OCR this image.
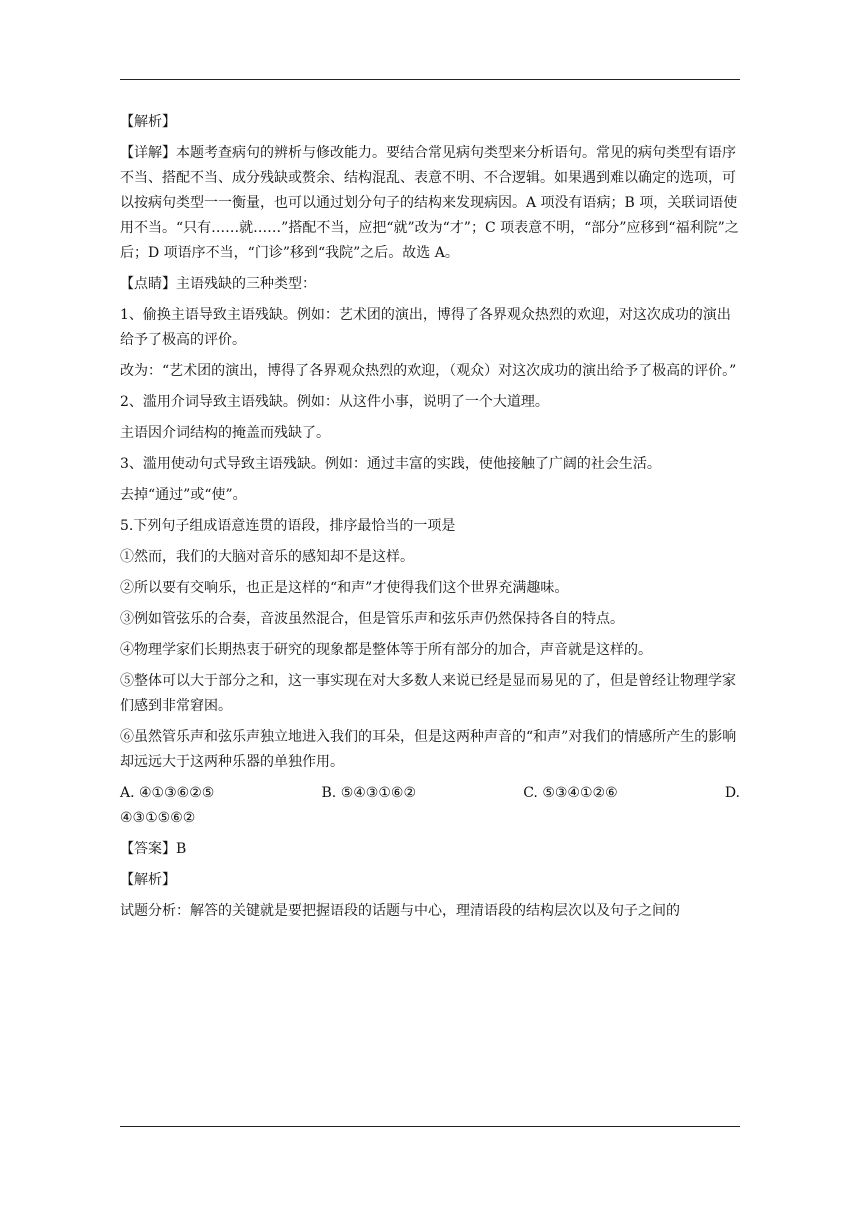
【解析】

【详解】本题考查病句的辨析与修改能力。要结合常见病句类型来分析语句。常见的病句类型有语序不当、搭配不当、成分残缺或赘余、结构混乱、表意不明、不合逻辑。如果遇到难以确定的选项，可以按病句类型一一衡量，也可以通过划分句子的结构来发现病因。A 项没有语病；B 项，关联词语使用不当。“只有……就……”搭配不当，应把“就”改为“才”；C 项表意不明，“部分”应移到“福利院”之后；D 项语序不当，“门诊”移到“我院”之后。故选 A。

【点睛】主语残缺的三种类型：

1、偷换主语导致主语残缺。例如：艺术团的演出，博得了各界观众热烈的欢迎，对这次成功的演出给予了极高的评价。

改为：“艺术团的演出，博得了各界观众热烈的欢迎，（观众）对这次成功的演出给予了极高的评价。”

2、滥用介词导致主语残缺。例如：从这件小事，说明了一个大道理。

主语因介词结构的掩盖而残缺了。

3、滥用使动句式导致主语残缺。例如：通过丰富的实践，使他接触了广阔的社会生活。

去掉“通过”或“使”。

5.下列句子组成语意连贯的语段，排序最恰当的一项是

①然而，我们的大脑对音乐的感知却不是这样。

②所以要有交响乐，也正是这样的“和声”才使得我们这个世界充满趣味。

③例如管弦乐的合奏，音波虽然混合，但是管乐声和弦乐声仍然保持各自的特点。

④物理学家们长期热衷于研究的现象都是整体等于所有部分的加合，声音就是这样的。

⑤整体可以大于部分之和，这一事实现在对大多数人来说已经是显而易见的了，但是曾经让物理学家们感到非常窘困。

⑥虽然管乐声和弦乐声独立地进入我们的耳朵，但是这两种声音的“和声”对我们的情感所产生的影响却远远大于这两种乐器的单独作用。

A. ④①③⑥②⑤	B. ⑤④③①⑥②	C. ⑤③④①②⑥	D.

④③①⑤⑥②

【答案】B

【解析】

试题分析：解答的关键就是要把握语段的话题与中心，理清语段的结构层次以及句子之间的
